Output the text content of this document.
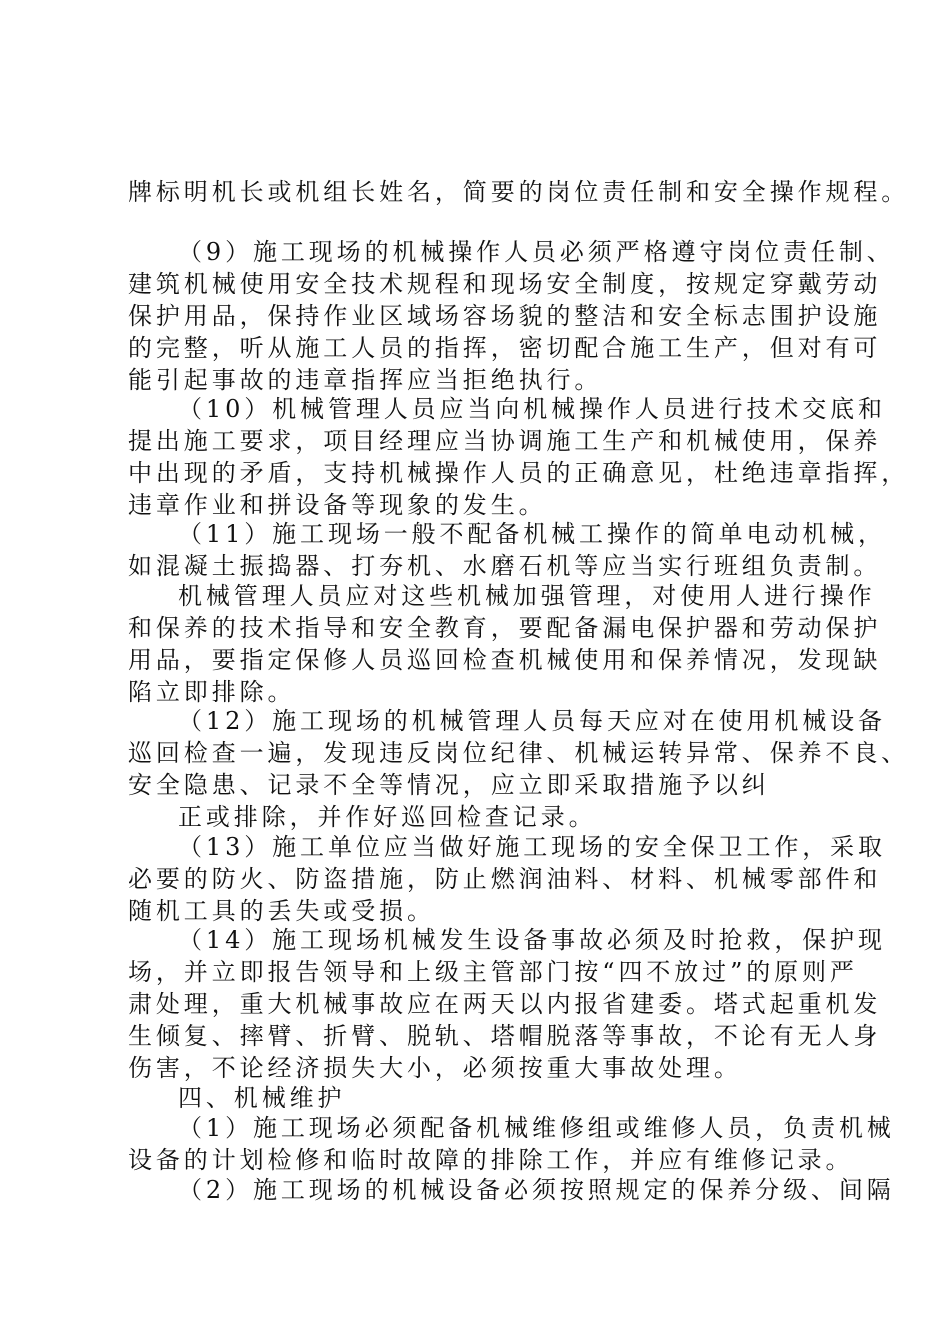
牌标明机长或机组长姓名，简要的岗位责任制和安全操作规程。
（9）施工现场的机械操作人员必须严格遵守岗位责任制、
建筑机械使用安全技术规程和现场安全制度，按规定穿戴劳动
保护用品，保持作业区域场容场貌的整洁和安全标志围护设施
的完整，听从施工人员的指挥，密切配合施工生产，但对有可
能引起事故的违章指挥应当拒绝执行。
（10）机械管理人员应当向机械操作人员进行技术交底和
提出施工要求，项目经理应当协调施工生产和机械使用，保养
中出现的矛盾，支持机械操作人员的正确意见，杜绝违章指挥，
违章作业和拼设备等现象的发生。
（11）施工现场一般不配备机械工操作的简单电动机械，
如混凝土振捣器、打夯机、水磨石机等应当实行班组负责制。
机械管理人员应对这些机械加强管理，对使用人进行操作
和保养的技术指导和安全教育，要配备漏电保护器和劳动保护
用品，要指定保修人员巡回检查机械使用和保养情况，发现缺
陷立即排除。
（12）施工现场的机械管理人员每天应对在使用机械设备
巡回检查一遍，发现违反岗位纪律、机械运转异常、保养不良、
安全隐患、记录不全等情况，应立即采取措施予以纠
正或排除，并作好巡回检查记录。
（13）施工单位应当做好施工现场的安全保卫工作，采取
必要的防火、防盗措施，防止燃润油料、材料、机械零部件和
随机工具的丢失或受损。
（14）施工现场机械发生设备事故必须及时抢救，保护现
场，并立即报告领导和上级主管部门按“四不放过”的原则严
肃处理，重大机械事故应在两天以内报省建委。塔式起重机发
生倾复、摔臂、折臂、脱轨、塔帽脱落等事故，不论有无人身
伤害，不论经济损失大小，必须按重大事故处理。
四、机械维护
（1）施工现场必须配备机械维修组或维修人员，负责机械
设备的计划检修和临时故障的排除工作，并应有维修记录。
（2）施工现场的机械设备必须按照规定的保养分级、间隔
